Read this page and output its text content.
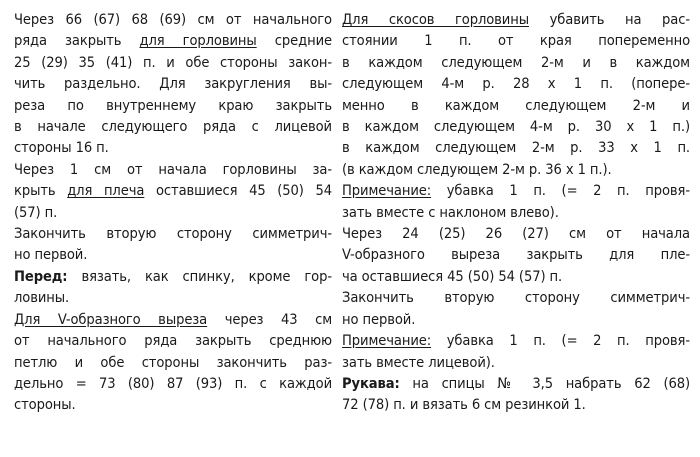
Через 66 (67) 68 (69) см от начального
ряда закрыть для горловины средние
25 (29) 35 (41) п. и обе стороны закон-
чить раздельно. Для закругления вы-
реза по внутреннему краю закрыть
в начале следующего ряда с лицевой
стороны 16 п.

Через 1 см от начала горловины за-
крыть для плеча оставшиеся 45 (50) 54
(57) п.

Закончить вторую сторону симметрич-
но первой.

Перед: вязать, как спинку, кроме гор-
ловины.

Для V-образного выреза через 43 см
от начального ряда закрыть среднюю
петлю и обе стороны закончить раз-
дельно = 73 (80) 87 (93) п. с каждой
стороны.

Для скосов горловины убавить на рас-
стоянии 1 п. от края попеременно
в каждом следующем 2-м и в каждом
следующем 4-м р. 28 х 1 п. (попере-
менно в каждом следующем 2-м и
в каждом следующем 4-м р. 30 х 1 п.)
в каждом следующем 2-м р. 33 х 1 п.
(в каждом следующем 2-м р. 36 х 1 п.).

Примечание: убавка 1 п. (= 2 п. провя-
зать вместе с наклоном влево).

Через 24 (25) 26 (27) см от начала
V-образного выреза закрыть для пле-
ча оставшиеся 45 (50) 54 (57) п.

Закончить вторую сторону симметрич-
но первой.

Примечание: убавка 1 п. (= 2 п. провя-
зать вместе лицевой).

Рукава: на спицы № 3,5 набрать 62 (68)
72 (78) п. и вязать 6 см резинкой 1.
